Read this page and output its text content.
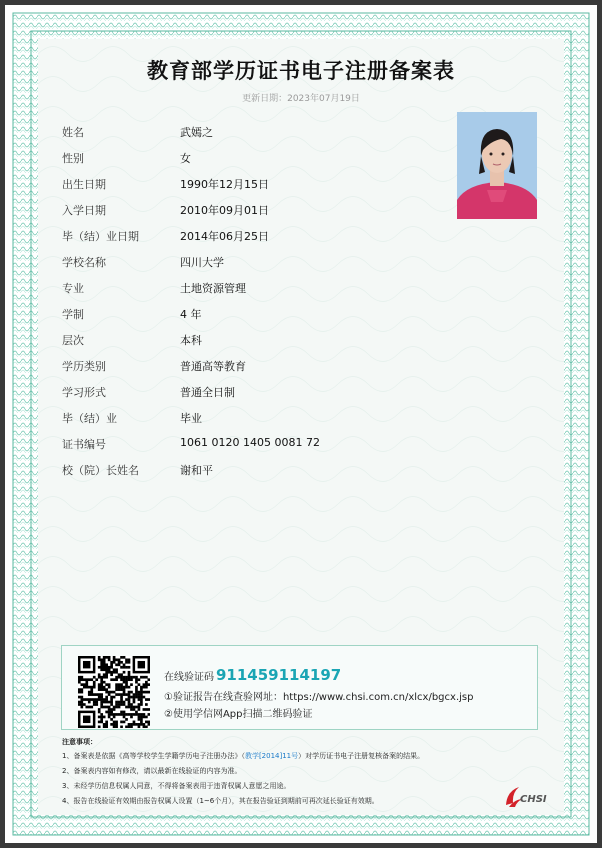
教育部学历证书电子注册备案表
更新日期：2023年07月19日
姓名	武嫣之
性别	女
出生日期	1990年12月15日
入学日期	2010年09月01日
毕（结）业日期	2014年06月25日
学校名称	四川大学
专业	土地资源管理
学制	4 年
层次	本科
学历类别	普通高等教育
学习形式	普通全日制
毕（结）业	毕业
证书编号	1061 0120 1405 0081 72
校（院）长姓名	谢和平
在线验证码 911459114197
①验证报告在线查验网址：https://www.chsi.com.cn/xlcx/bgcx.jsp
②使用学信网App扫描二维码验证
注意事项：
1、备案表是依据《高等学校学生学籍学历电子注册办法》（教学[2014]11号）对学历证书电子注册复核备案的结果。
2、备案表内容如有修改，请以最新在线验证的内容为准。
3、未经学历信息权属人同意，不得将备案表用于违背权属人意愿之用途。
4、报告在线验证有效期由报告权属人设置（1~6个月），其在报告验证到期前可再次延长验证有效期。	CHSI
